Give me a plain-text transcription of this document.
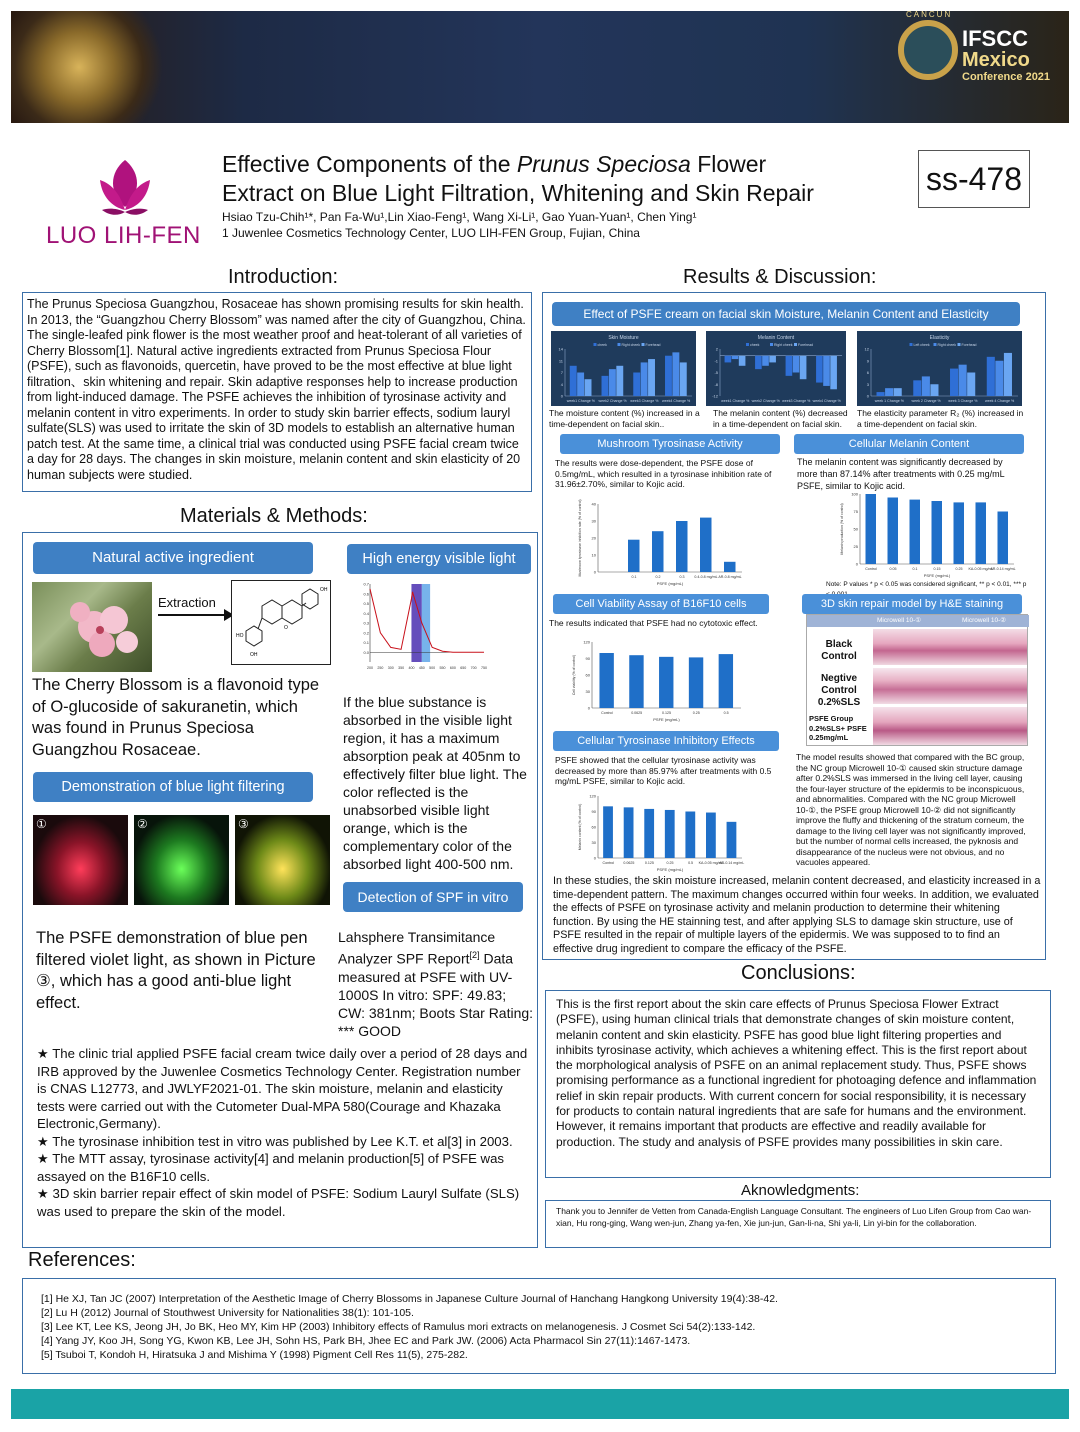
CANCUN
IFSCC
Mexico
Conference 2021
LUO LIH-FEN
Effective Components of the Prunus Speciosa Flower
Extract on Blue Light Filtration, Whitening and Skin Repair
Hsiao Tzu-Chih¹*, Pan Fa-Wu¹,Lin Xiao-Feng¹, Wang Xi-Li¹, Gao Yuan-Yuan¹, Chen Ying¹
1 Juwenlee Cosmetics Technology Center, LUO LIH-FEN Group, Fujian, China
ss-478
Introduction:
The Prunus Speciosa Guangzhou, Rosaceae has shown promising results for skin health. In 2013, the “Guangzhou Cherry Blossom” was named after the city of Guangzhou, China. The single-leafed pink flower is the most weather proof and heat-tolerant of all varieties of Cherry Blossom[1]. Natural active ingredients extracted from Prunus Speciosa Flour (PSFE), such as flavonoids, quercetin, have proved to be the most effective at blue light filtration、skin whitening and repair. Skin adaptive responses help to increase production from light-induced damage. The PSFE achieves the inhibition of tyrosinase activity and melanin content in vitro experiments. In order to study skin barrier effects, sodium lauryl sulfate(SLS) was used to irritate the skin of 3D models to establish an alternative human patch test. At the same time, a clinical trial was conducted using PSFE facial cream twice a day for 28 days. The changes in skin moisture, melanin content and skin elasticity of 20 human subjects were studied.
Materials & Methods:
Natural active ingredient	High energy visible light
Extraction
OH
O
HO
OH	0.0
0.1
0.2
0.3
0.4
0.5
0.6
0.7
200 250 300 350 400 450 500 550 600 650 700 750
The Cherry Blossom is a flavonoid type of O-glucoside of sakuranetin, which was found in Prunus Speciosa Guangzhou Rosaceae.
If the blue substance is absorbed in the visible light region, it has a maximum absorption peak at 405nm to effectively filter blue light. The color reflected is the unabsorbed visible light orange, which is the complementary color of the absorbed light 400-500 nm.
Demonstration of blue light filtering
①	②	③
Detection of SPF in vitro
The PSFE demonstration of blue pen filtered violet light, as shown in Picture ③, which has a good anti-blue light effect.
Lahsphere Transimitance Analyzer SPF Report[2] Data measured at PSFE with UV-1000S In vitro: SPF: 49.83; CW: 381nm; Boots Star Rating: *** GOOD
★ The clinic trial applied PSFE facial cream twice daily over a period of 28 days and IRB approved by the Juwenlee Cosmetics Technology Center. Registration number is CNAS L12773, and JWLYF2021-01. The skin moisture, melanin and elasticity tests were carried out with the Cutometer Dual-MPA 580(Courage and Khazaka Electronic,Germany).
★ The tyrosinase inhibition test in vitro was published by Lee K.T. et al[3] in 2003.
★ The MTT assay, tyrosinase activity[4] and melanin production[5] of PSFE was assayed on the B16F10 cells.
★ 3D skin barrier repair effect of skin model of PSFE: Sodium Lauryl Sulfate (SLS) was used to prepare the skin of the model.
Results & Discussion:
Effect of PSFE cream on facial skin Moisture, Melanin Content and Elasticity
Skin Moisture
cheek	Right cheek Forehead
0
4
7
11
14
week1 Change % week2 Change % week3 Change % week4 Change %
Melanin Content
cheek	Right cheek Forehead
-12
-8
-5
-1
2
week1 Change % week2 Change % week3 Change % week4 Change %
Elasticity
Left cheek Right cheek Forehead
0
3
6
9
12
week 1 Change % week 2 Change % week 3 Change % week 4 Change %
The moisture content (%) increased in a time-dependent on facial skin..
The melanin content (%) decreased in a time-dependent on facial skin.
The elasticity parameter R₂ (%) increased in a time-dependent on facial skin.
Mushroom Tyrosinase Activity	Cellular Melanin Content
The results were dose-dependent, the PSFE dose of 0.5mg/mL, which resulted in a tyrosinase inhibition rate of 31.96±2.70%, similar to Kojic acid.
The melanin content was significantly decreased by more than 87.14% after treatments with 0.25 mg/mL PSFE, similar to Kojic acid.
0
10
20
30
40
0.1	0.2	0.3	0.4-0.8 mg/mL AR-0.8 mg/mL
PSFE (mg/mL)
Mushroom tyrosinase inhibition rate (% of control)	0
25
50
75
100
Control	0.05	0.1	0.15	0.25 KA-0.05 mg/mL
AR-0.14 mg/mL
PSFE (mg/mL)
Melanin production (% of control)
Note: P values * p < 0.05 was considered significant, ** p < 0.01, *** p
Cell Viability Assay of B16F10 cells	3D skin repair model by H&E staining
The results indicated that PSFE had no cytotoxic effect.
0
30
60
90
120
Control	0.0625	0.125	0.25	0.5
PSFE (mg/mL)
Cell viability (% of control)
Microwell 10-①	Microwell 10-②
Black Control
Negtive Control 0.2%SLS
PSFE Group 0.2%SLS+ PSFE 0.25mg/mL
Cellular Tyrosinase Inhibitory Effects
PSFE showed that the cellular tyrosinase activity was decreased by more than 85.97% after treatments with 0.5 mg/mL PSFE, similar to Kojic acid.
0
30
60
90
120
Control	0.0625	0.125	0.25	0.5 KA-0.05 mg/mL
AR-0.14 mg/mL
PSFE (mg/mL)
Melanin content (% of control)
The model results showed that compared with the BC group, the NC group Microwell 10-① caused skin structure damage after 0.2%SLS was immersed in the living cell layer, causing the four-layer structure of the epidermis to be inconspicuous, and abnormalities. Compared with the NC group Microwell 10-①, the PSFE group Microwell 10-② did not significantly improve the fluffy and thickening of the stratum corneum, the damage to the living cell layer was not significantly improved, but the number of normal cells increased, the pyknosis and disappearance of the nucleus were not obvious, and no vacuoles appeared.
In these studies, the skin moisture increased, melanin content decreased, and elasticity increased in a time-dependent pattern. The maximum changes occurred within four weeks. In addition, we evaluated the effects of PSFE on tyrosinase activity and melanin production to determine their whitening function. By using the HE stainning test, and after applying SLS to damage skin structure, use of PSFE resulted in the repair of multiple layers of the epidermis. We was supposed to to find an effective drug ingredient to compare the efficacy of the PSFE.
Conclusions:
This is the first report about the skin care effects of Prunus Speciosa Flower Extract (PSFE), using human clinical trials that demonstrate changes of skin moisture content, melanin content and skin elasticity. PSFE has good blue light filtering properties and inhibits tyrosinase activity, which achieves a whitening effect. This is the first report about the morphological analysis of PSFE on an animal replacement study. Thus, PSFE shows promising performance as a functional ingredient for photoaging defence and inflammation relief in skin repair products. With current concern for social responsibility, it is necessary for products to contain natural ingredients that are safe for humans and the environment. However, it remains important that products are effective and readily available for production. The study and analysis of PSFE provides many possibilities in skin care.
Aknowledgments:
Thank you to Jennifer de Vetten from Canada-English Language Consultant. The engineers of Luo Lifen Group from Cao wan-xian, Hu rong-ging, Wang wen-jun, Zhang ya-fen, Xie jun-jun, Gan-li-na, Shi ya-li, Lin yi-bin for the collaboration.
References:
[1] He XJ, Tan JC (2007) Interpretation of the Aesthetic Image of Cherry Blossoms in Japanese Culture Journal of Hanchang Hangkong University 19(4):38-42.
[2] Lu H (2012) Journal of Stouthwest University for Nationalities 38(1): 101-105.
[3] Lee KT, Lee KS, Jeong JH, Jo BK, Heo MY, Kim HP (2003) Inhibitory effects of Ramulus mori extracts on melanogenesis. J Cosmet Sci 54(2):133-142.
[4] Yang JY, Koo JH, Song YG, Kwon KB, Lee JH, Sohn HS, Park BH, Jhee EC and Park JW. (2006) Acta Pharmacol Sin 27(11):1467-1473.
[5] Tsuboi T, Kondoh H, Hiratsuka J and Mishima Y (1998) Pigment Cell Res 11(5), 275-282.
